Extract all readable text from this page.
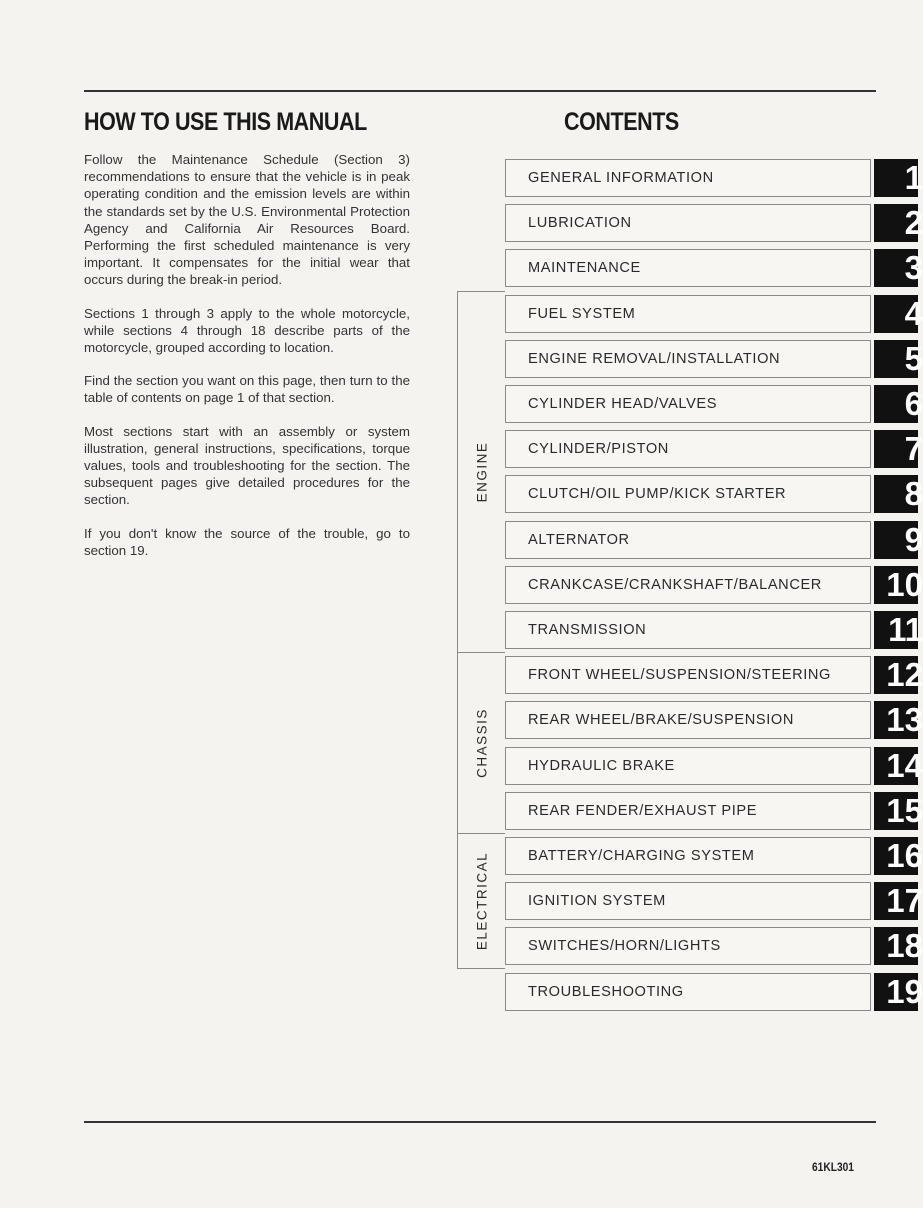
HOW TO USE THIS MANUAL

Follow the Maintenance Schedule (Section 3) recommendations to ensure that the vehicle is in peak operating condition and the emission levels are within the standards set by the U.S. Environmental Protection Agency and California Air Resources Board. Performing the first scheduled maintenance is very important. It compensates for the initial wear that occurs during the break-in period.

Sections 1 through 3 apply to the whole motorcycle, while sections 4 through 18 describe parts of the motorcycle, grouped according to location.

Find the section you want on this page, then turn to the table of contents on page 1 of that section.

Most sections start with an assembly or system illustration, general instructions, specifications, torque values, tools and troubleshooting for the section. The subsequent pages give detailed procedures for the section.

If you don't know the source of the trouble, go to section 19.

CONTENTS
GENERAL INFORMATION	1
LUBRICATION	2
MAINTENANCE	3
FUEL SYSTEM	4
ENGINE REMOVAL/INSTALLATION	5
CYLINDER HEAD/VALVES	6
CYLINDER/PISTON	7
CLUTCH/OIL PUMP/KICK STARTER	8
ALTERNATOR	9
CRANKCASE/CRANKSHAFT/BALANCER 10
TRANSMISSION	11
FRONT WHEEL/SUSPENSION/STEERING 12
REAR WHEEL/BRAKE/SUSPENSION	13
HYDRAULIC BRAKE	14
REAR FENDER/EXHAUST PIPE	15
BATTERY/CHARGING SYSTEM	16
IGNITION SYSTEM	17
SWITCHES/HORN/LIGHTS	18
TROUBLESHOOTING	19
ENGINE
CHASSIS
ELECTRICAL
61KL301
